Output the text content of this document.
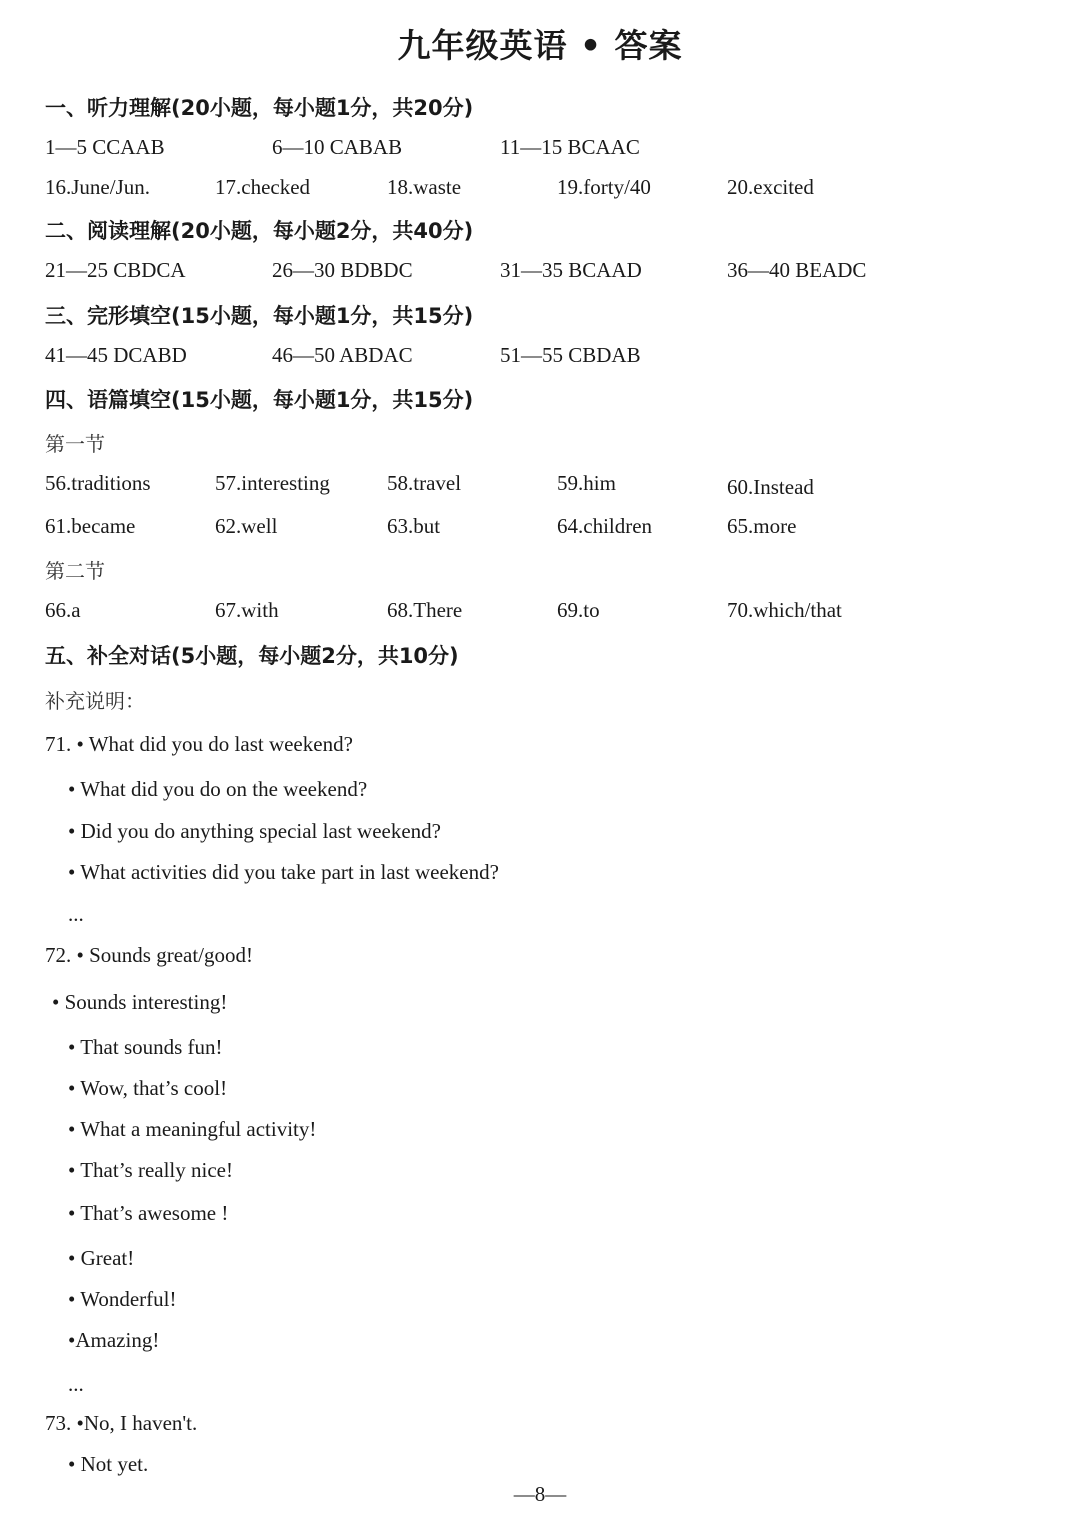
九年级英语 • 答案
一、听力理解(20小题，每小题1分，共20分)
1—5 CCAAB	6—10 CABAB	11—15 BCAAC
16.June/Jun.	17.checked	18.waste	19.forty/40	20.excited
二、阅读理解(20小题，每小题2分，共40分)
21—25 CBDCA	26—30 BDBDC	31—35 BCAAD	36—40 BEADC
三、完形填空(15小题，每小题1分，共15分)
41—45 DCABD	46—50 ABDAC	51—55 CBDAB
四、语篇填空(15小题，每小题1分，共15分)
第一节
56.traditions	57.interesting	58.travel	59.him	60.Instead
61.became	62.well	63.but	64.children	65.more
第二节
66.a	67.with	68.There	69.to	70.which/that
五、补全对话(5小题，每小题2分，共10分)
补充说明：
71. • What did you do last weekend?
• What did you do on the weekend?
• Did you do anything special last weekend?
• What activities did you take part in last weekend?
...
72. • Sounds great/good!
• Sounds interesting!
• That sounds fun!
• Wow, that’s cool!
• What a meaningful activity!
• That’s really nice!
• That’s awesome !
• Great!
• Wonderful!
•Amazing!
...
73. •No, I haven't.
• Not yet.
—8—
